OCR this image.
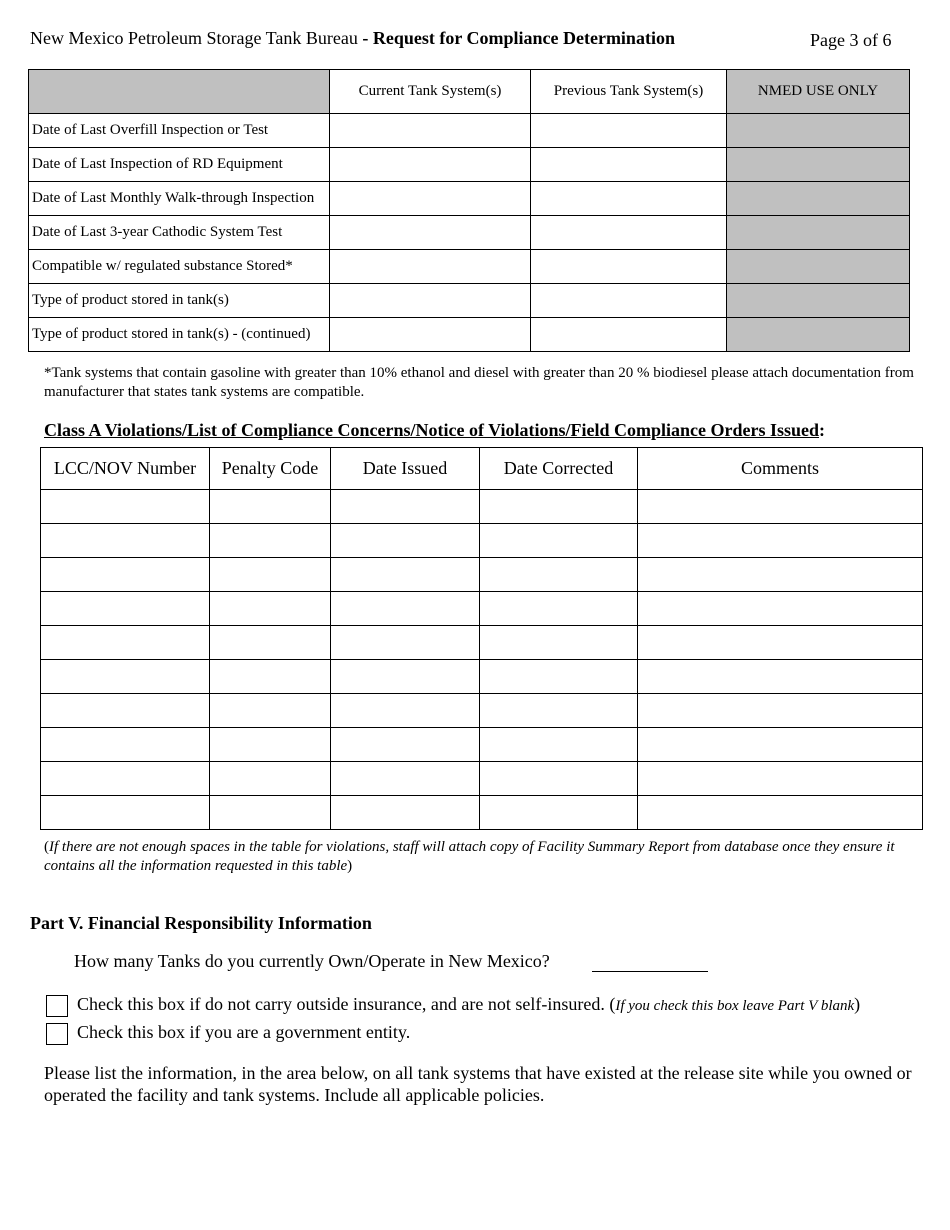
New Mexico Petroleum Storage Tank Bureau - Request for Compliance Determination	Page 3 of 6
	Current Tank System(s)	Previous Tank System(s)	NMED USE ONLY
Date of Last Overfill Inspection or Test			
Date of Last Inspection of RD Equipment			
Date of Last Monthly Walk-through Inspection			
Date of Last 3-year Cathodic System Test			
Compatible w/ regulated substance Stored*			
Type of product stored in tank(s)			
Type of product stored in tank(s) - (continued)			
*Tank systems that contain gasoline with greater than 10% ethanol and diesel with greater than 20 % biodiesel please attach documentation from manufacturer that states tank systems are compatible.
Class A Violations/List of Compliance Concerns/Notice of Violations/Field Compliance Orders Issued:
LCC/NOV Number	Penalty Code	Date Issued	Date Corrected	Comments

(If there are not enough spaces in the table for violations, staff will attach copy of Facility Summary Report from database once they ensure it contains all the information requested in this table)
Part V. Financial Responsibility Information
How many Tanks do you currently Own/Operate in New Mexico?
Check this box if do not carry outside insurance, and are not self-insured. (If you check this box leave Part V blank)
Check this box if you are a government entity.
Please list the information, in the area below, on all tank systems that have existed at the release site while you owned or operated the facility and tank systems. Include all applicable policies.
